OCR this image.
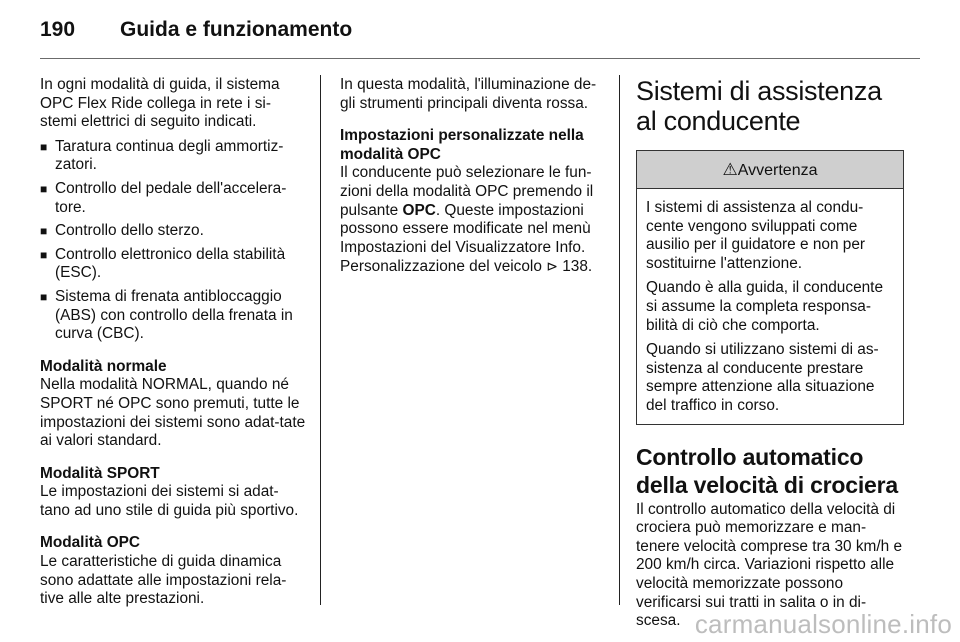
190 Guida e funzionamento

In ogni modalità di guida, il sistema OPC Flex Ride collega in rete i si-stemi elettrici di seguito indicati.

■ Taratura continua degli ammortiz-zatori.
■ Controllo del pedale dell'accelera-tore.
■ Controllo dello sterzo.
■ Controllo elettronico della stabilità (ESC).
■ Sistema di frenata antibloccaggio (ABS) con controllo della frenata in curva (CBC).

Modalità normale

Nella modalità NORMAL, quando né SPORT né OPC sono premuti, tutte le impostazioni dei sistemi sono adat-tate ai valori standard.

Modalità SPORT

Le impostazioni dei sistemi si adat-tano ad uno stile di guida più sportivo.

Modalità OPC

Le caratteristiche di guida dinamica sono adattate alle impostazioni rela-tive alle alte prestazioni.

In questa modalità, l'illuminazione de-gli strumenti principali diventa rossa.

Impostazioni personalizzate nella modalità OPC

Il conducente può selezionare le fun-zioni della modalità OPC premendo il pulsante OPC. Queste impostazioni possono essere modificate nel menù Impostazioni del Visualizzatore Info. Personalizzazione del veicolo ⊳ 138.

Sistemi di assistenza al conducente
⚠Avvertenza

I sistemi di assistenza al condu-cente vengono sviluppati come ausilio per il guidatore e non per sostituirne l'attenzione.

Quando è alla guida, il conducente si assume la completa responsa-bilità di ciò che comporta.

Quando si utilizzano sistemi di as-sistenza al conducente prestare sempre attenzione alla situazione del traffico in corso.

Controllo automatico della velocità di crociera

Il controllo automatico della velocità di crociera può memorizzare e man-tenere velocità comprese tra 30 km/h e 200 km/h circa. Variazioni rispetto alle velocità memorizzate possono verificarsi sui tratti in salita o in di-scesa. carmanualsonline.info
